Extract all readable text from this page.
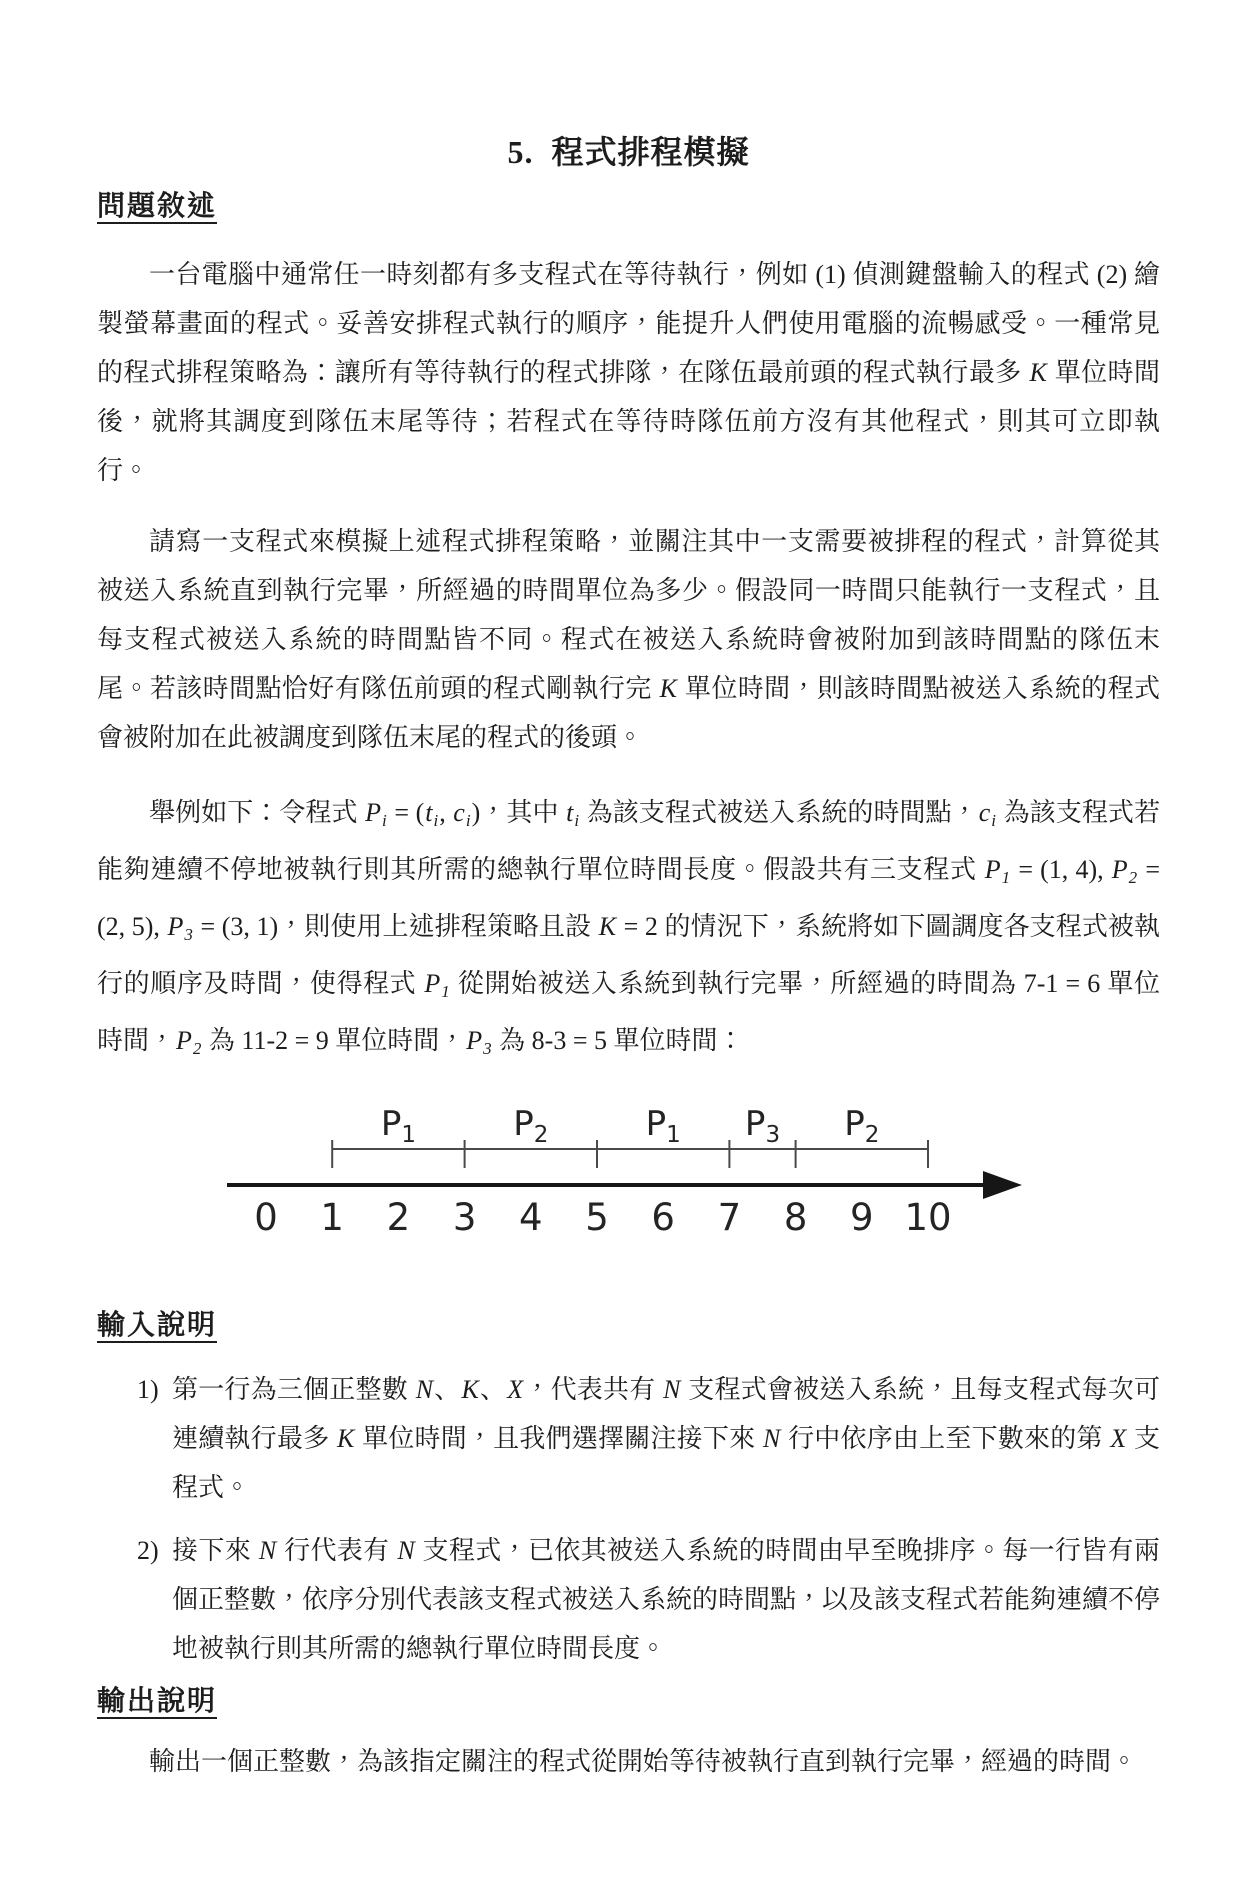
5.  程式排程模擬
問題敘述
一台電腦中通常任一時刻都有多支程式在等待執行，例如 (1) 偵測鍵盤輸入的程式 (2) 繪製螢幕畫面的程式。妥善安排程式執行的順序，能提升人們使用電腦的流暢感受。一種常見的程式排程策略為：讓所有等待執行的程式排隊，在隊伍最前頭的程式執行最多 K 單位時間後，就將其調度到隊伍末尾等待；若程式在等待時隊伍前方沒有其他程式，則其可立即執行。
請寫一支程式來模擬上述程式排程策略，並關注其中一支需要被排程的程式，計算從其被送入系統直到執行完畢，所經過的時間單位為多少。假設同一時間只能執行一支程式，且每支程式被送入系統的時間點皆不同。程式在被送入系統時會被附加到該時間點的隊伍末尾。若該時間點恰好有隊伍前頭的程式剛執行完 K 單位時間，則該時間點被送入系統的程式會被附加在此被調度到隊伍末尾的程式的後頭。
舉例如下：令程式 $P_i = (t_i$, $c_i$)，其中 $t_i$ 為該支程式被送入系統的時間點，$c_i$ 為該支程式若能夠連續不停地被執行則其所需的總執行單位時間長度。假設共有三支程式 $P_1 = (1$, 4), $P_2 = (2$, 5), $P_3 = (3$, 1)，則使用上述排程策略且設 K = 2 的情況下，系統將如下圖調度各支程式被執行的順序及時間，使得程式 $P_1$ 從開始被送入系統到執行完畢，所經過的時間為 7-1 = 6 單位時間，$P_2$ 為 11-2 = 9 單位時間，$P_3$ 為 8-3 = 5 單位時間：
$P_1$	$P_2$	$P_1$ $P_3$ $P_2$
0 1 2 3 4 5 6 7 8 9 10
輸入說明
1) 第一行為三個正整數 N、K、X，代表共有 N 支程式會被送入系統，且每支程式每次可連續執行最多 K 單位時間，且我們選擇關注接下來 N 行中依序由上至下數來的第 X 支程式。
2) 接下來 N 行代表有 N 支程式，已依其被送入系統的時間由早至晚排序。每一行皆有兩個正整數，依序分別代表該支程式被送入系統的時間點，以及該支程式若能夠連續不停地被執行則其所需的總執行單位時間長度。
輸出說明
輸出一個正整數，為該指定關注的程式從開始等待被執行直到執行完畢，經過的時間。
